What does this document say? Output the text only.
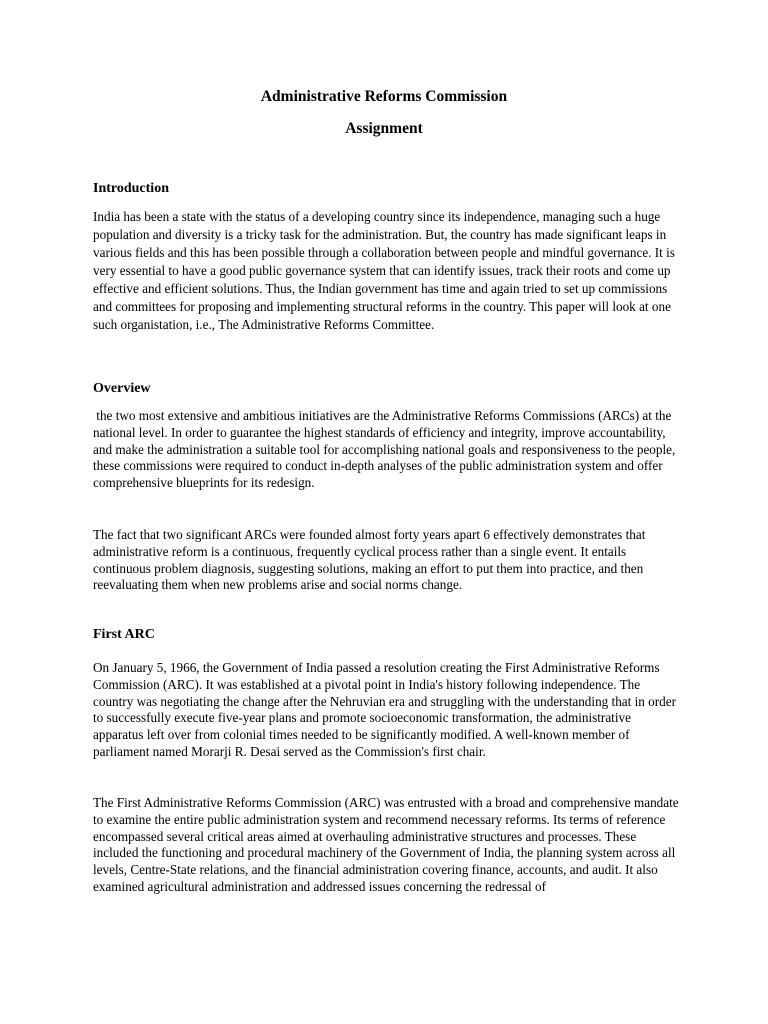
Administrative Reforms Commission
Assignment
Introduction

India has been a state with the status of a developing country since its independence, managing such a huge population and diversity is a tricky task for the administration. But, the country has made significant leaps in various fields and this has been possible through a collaboration between people and mindful governance. It is very essential to have a good public governance system that can identify issues, track their roots and come up effective and efficient solutions. Thus, the Indian government has time and again tried to set up commissions and committees for proposing and implementing structural reforms in the country. This paper will look at one such organistation, i.e., The Administrative Reforms Committee.

Overview

the two most extensive and ambitious initiatives are the Administrative Reforms Commissions (ARCs) at the national level. In order to guarantee the highest standards of efficiency and integrity, improve accountability, and make the administration a suitable tool for accomplishing national goals and responsiveness to the people, these commissions were required to conduct in-depth analyses of the public administration system and offer comprehensive blueprints for its redesign.

The fact that two significant ARCs were founded almost forty years apart 6 effectively demonstrates that administrative reform is a continuous, frequently cyclical process rather than a single event. It entails continuous problem diagnosis, suggesting solutions, making an effort to put them into practice, and then reevaluating them when new problems arise and social norms change.

First ARC

On January 5, 1966, the Government of India passed a resolution creating the First Administrative Reforms Commission (ARC). It was established at a pivotal point in India's history following independence. The country was negotiating the change after the Nehruvian era and struggling with the understanding that in order to successfully execute five-year plans and promote socioeconomic transformation, the administrative apparatus left over from colonial times needed to be significantly modified. A well-known member of parliament named Morarji R. Desai served as the Commission's first chair.

The First Administrative Reforms Commission (ARC) was entrusted with a broad and comprehensive mandate to examine the entire public administration system and recommend necessary reforms. Its terms of reference encompassed several critical areas aimed at overhauling administrative structures and processes. These included the functioning and procedural machinery of the Government of India, the planning system across all levels, Centre-State relations, and the financial administration covering finance, accounts, and audit. It also examined agricultural administration and addressed issues concerning the redressal of
